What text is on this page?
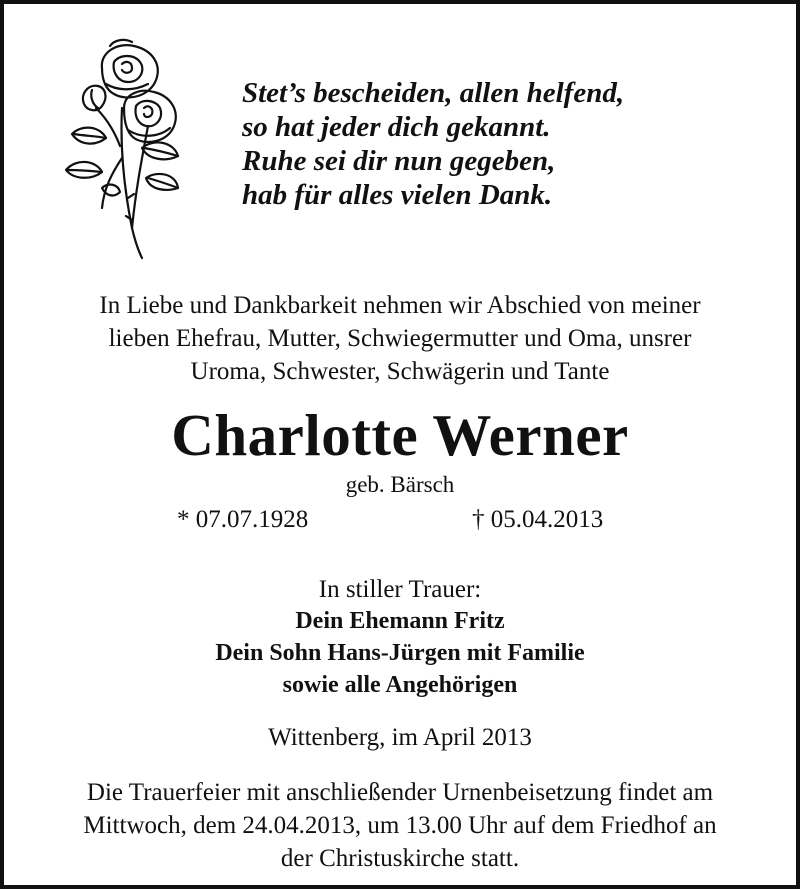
Stet’s bescheiden, allen helfend,
so hat jeder dich gekannt.
Ruhe sei dir nun gegeben,
hab für alles vielen Dank.
In Liebe und Dankbarkeit nehmen wir Abschied von meiner
lieben Ehefrau, Mutter, Schwiegermutter und Oma, unsrer
Uroma, Schwester, Schwägerin und Tante
Charlotte Werner
geb. Bärsch
* 07.07.1928	† 05.04.2013
In stiller Trauer:
Dein Ehemann Fritz
Dein Sohn Hans-Jürgen mit Familie
sowie alle Angehörigen
Wittenberg, im April 2013
Die Trauerfeier mit anschließender Urnenbeisetzung findet am
Mittwoch, dem 24.04.2013, um 13.00 Uhr auf dem Friedhof an
der Christuskirche statt.
